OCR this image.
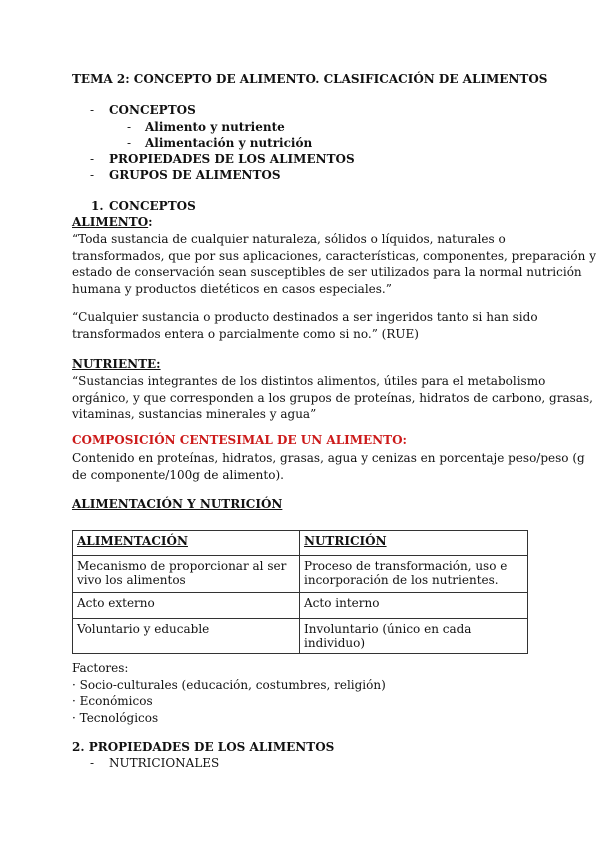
TEMA 2: CONCEPTO DE ALIMENTO. CLASIFICACIÓN DE ALIMENTOS
- CONCEPTOS
- Alimento y nutriente
- Alimentación y nutrición
- PROPIEDADES DE LOS ALIMENTOS
- GRUPOS DE ALIMENTOS
1. CONCEPTOS
ALIMENTO:
“Toda sustancia de cualquier naturaleza, sólidos o líquidos, naturales o
transformados, que por sus aplicaciones, características, componentes, preparación y
estado de conservación sean susceptibles de ser utilizados para la normal nutrición
humana y productos dietéticos en casos especiales.”
“Cualquier sustancia o producto destinados a ser ingeridos tanto si han sido
transformados entera o parcialmente como si no.” (RUE)
NUTRIENTE:
“Sustancias integrantes de los distintos alimentos, útiles para el metabolismo
orgánico, y que corresponden a los grupos de proteínas, hidratos de carbono, grasas,
vitaminas, sustancias minerales y agua”
COMPOSICIÓN CENTESIMAL DE UN ALIMENTO:
Contenido en proteínas, hidratos, grasas, agua y cenizas en porcentaje peso/peso (g
de componente/100g de alimento).
ALIMENTACIÓN Y NUTRICIÓN
ALIMENTACIÓN	NUTRICIÓN
Mecanismo de proporcionar al ser vivo los alimentos	Proceso de transformación, uso e incorporación de los nutrientes.
Acto externo	Acto interno
Voluntario y educable	Involuntario (único en cada individuo)
Factores:
· Socio-culturales (educación, costumbres, religión)
· Económicos
· Tecnológicos
2. PROPIEDADES DE LOS ALIMENTOS
- NUTRICIONALES
